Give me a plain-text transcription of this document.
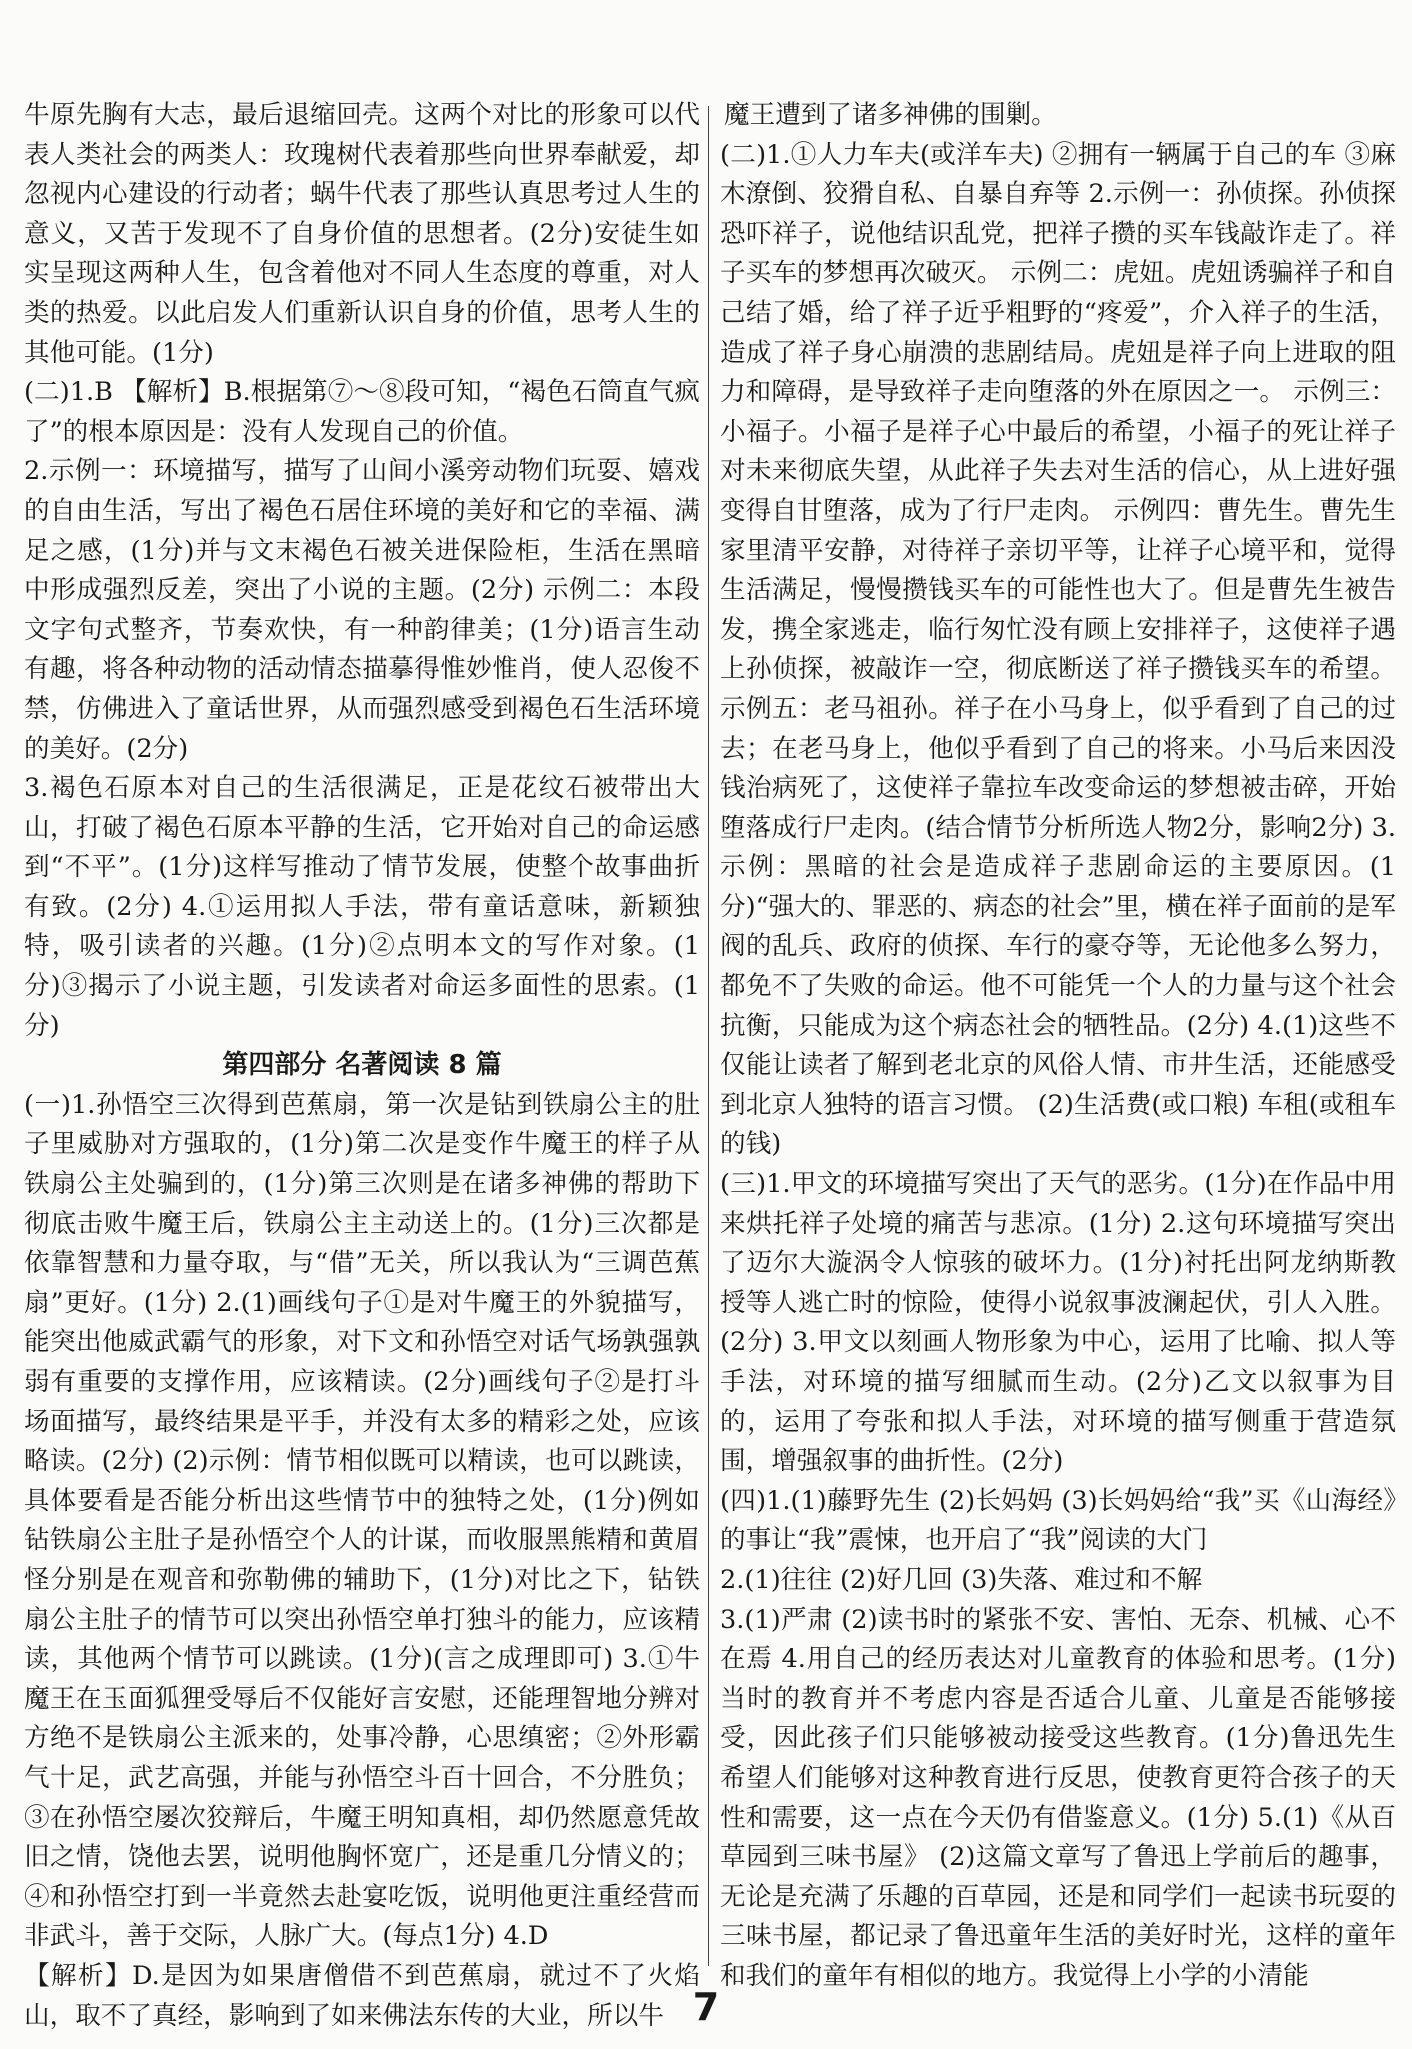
牛原先胸有大志，最后退缩回壳。这两个对比的形象可以代表人类社会的两类人：玫瑰树代表着那些向世界奉献爱，却忽视内心建设的行动者；蜗牛代表了那些认真思考过人生的意义，又苦于发现不了自身价值的思想者。(2分)安徒生如实呈现这两种人生，包含着他对不同人生态度的尊重，对人类的热爱。以此启发人们重新认识自身的价值，思考人生的其他可能。(1分)

(二)1.B 【解析】B.根据第⑦～⑧段可知，“褐色石筒直气疯了”的根本原因是：没有人发现自己的价值。

2.示例一：环境描写，描写了山间小溪旁动物们玩耍、嬉戏的自由生活，写出了褐色石居住环境的美好和它的幸福、满足之感，(1分)并与文末褐色石被关进保险柜，生活在黑暗中形成强烈反差，突出了小说的主题。(2分) 示例二：本段文字句式整齐，节奏欢快，有一种韵律美；(1分)语言生动有趣，将各种动物的活动情态描摹得惟妙惟肖，使人忍俊不禁，仿佛进入了童话世界，从而强烈感受到褐色石生活环境的美好。(2分)

3.褐色石原本对自己的生活很满足，正是花纹石被带出大山，打破了褐色石原本平静的生活，它开始对自己的命运感到“不平”。(1分)这样写推动了情节发展，使整个故事曲折有致。(2分) 4.①运用拟人手法，带有童话意味，新颖独特，吸引读者的兴趣。(1分)②点明本文的写作对象。(1分)③揭示了小说主题，引发读者对命运多面性的思索。(1分)

第四部分 名著阅读 8 篇

(一)1.孙悟空三次得到芭蕉扇，第一次是钻到铁扇公主的肚子里威胁对方强取的，(1分)第二次是变作牛魔王的样子从铁扇公主处骗到的，(1分)第三次则是在诸多神佛的帮助下彻底击败牛魔王后，铁扇公主主动送上的。(1分)三次都是依靠智慧和力量夺取，与“借”无关，所以我认为“三调芭蕉扇”更好。(1分) 2.(1)画线句子①是对牛魔王的外貌描写，能突出他威武霸气的形象，对下文和孙悟空对话气场孰强孰弱有重要的支撑作用，应该精读。(2分)画线句子②是打斗场面描写，最终结果是平手，并没有太多的精彩之处，应该略读。(2分) (2)示例：情节相似既可以精读，也可以跳读，具体要看是否能分析出这些情节中的独特之处，(1分)例如钻铁扇公主肚子是孙悟空个人的计谋，而收服黑熊精和黄眉怪分别是在观音和弥勒佛的辅助下，(1分)对比之下，钻铁扇公主肚子的情节可以突出孙悟空单打独斗的能力，应该精读，其他两个情节可以跳读。(1分)(言之成理即可) 3.①牛魔王在玉面狐狸受辱后不仅能好言安慰，还能理智地分辨对方绝不是铁扇公主派来的，处事冷静，心思缜密；②外形霸气十足，武艺高强，并能与孙悟空斗百十回合，不分胜负；③在孙悟空屡次狡辩后，牛魔王明知真相，却仍然愿意凭故旧之情，饶他去罢，说明他胸怀宽广，还是重几分情义的；④和孙悟空打到一半竟然去赴宴吃饭，说明他更注重经营而非武斗，善于交际，人脉广大。(每点1分) 4.D

【解析】D.是因为如果唐僧借不到芭蕉扇，就过不了火焰山，取不了真经，影响到了如来佛法东传的大业，所以牛

魔王遭到了诸多神佛的围剿。

(二)1.①人力车夫(或洋车夫) ②拥有一辆属于自己的车 ③麻木潦倒、狡猾自私、自暴自弃等 2.示例一：孙侦探。孙侦探恐吓祥子，说他结识乱党，把祥子攒的买车钱敲诈走了。祥子买车的梦想再次破灭。 示例二：虎妞。虎妞诱骗祥子和自己结了婚，给了祥子近乎粗野的“疼爱”，介入祥子的生活，造成了祥子身心崩溃的悲剧结局。虎妞是祥子向上进取的阻力和障碍，是导致祥子走向堕落的外在原因之一。 示例三：小福子。小福子是祥子心中最后的希望，小福子的死让祥子对未来彻底失望，从此祥子失去对生活的信心，从上进好强变得自甘堕落，成为了行尸走肉。 示例四：曹先生。曹先生家里清平安静，对待祥子亲切平等，让祥子心境平和，觉得生活满足，慢慢攒钱买车的可能性也大了。但是曹先生被告发，携全家逃走，临行匆忙没有顾上安排祥子，这使祥子遇上孙侦探，被敲诈一空，彻底断送了祥子攒钱买车的希望。 示例五：老马祖孙。祥子在小马身上，似乎看到了自己的过去；在老马身上，他似乎看到了自己的将来。小马后来因没钱治病死了，这使祥子靠拉车改变命运的梦想被击碎，开始堕落成行尸走肉。(结合情节分析所选人物2分，影响2分) 3.示例：黑暗的社会是造成祥子悲剧命运的主要原因。(1分)“强大的、罪恶的、病态的社会”里，横在祥子面前的是军阀的乱兵、政府的侦探、车行的豪夺等，无论他多么努力，都免不了失败的命运。他不可能凭一个人的力量与这个社会抗衡，只能成为这个病态社会的牺牲品。(2分) 4.(1)这些不仅能让读者了解到老北京的风俗人情、市井生活，还能感受到北京人独特的语言习惯。 (2)生活费(或口粮) 车租(或租车的钱)

(三)1.甲文的环境描写突出了天气的恶劣。(1分)在作品中用来烘托祥子处境的痛苦与悲凉。(1分) 2.这句环境描写突出了迈尔大漩涡令人惊骇的破坏力。(1分)衬托出阿龙纳斯教授等人逃亡时的惊险，使得小说叙事波澜起伏，引人入胜。(2分) 3.甲文以刻画人物形象为中心，运用了比喻、拟人等手法，对环境的描写细腻而生动。(2分)乙文以叙事为目的，运用了夸张和拟人手法，对环境的描写侧重于营造氛围，增强叙事的曲折性。(2分)

(四)1.(1)藤野先生 (2)长妈妈 (3)长妈妈给“我”买《山海经》的事让“我”震悚，也开启了“我”阅读的大门

2.(1)往往 (2)好几回 (3)失落、难过和不解

3.(1)严肃 (2)读书时的紧张不安、害怕、无奈、机械、心不在焉 4.用自己的经历表达对儿童教育的体验和思考。(1分)当时的教育并不考虑内容是否适合儿童、儿童是否能够接受，因此孩子们只能够被动接受这些教育。(1分)鲁迅先生希望人们能够对这种教育进行反思，使教育更符合孩子的天性和需要，这一点在今天仍有借鉴意义。(1分) 5.(1)《从百草园到三味书屋》 (2)这篇文章写了鲁迅上学前后的趣事，无论是充满了乐趣的百草园，还是和同学们一起读书玩耍的三味书屋，都记录了鲁迅童年生活的美好时光，这样的童年和我们的童年有相似的地方。我觉得上小学的小清能

7
